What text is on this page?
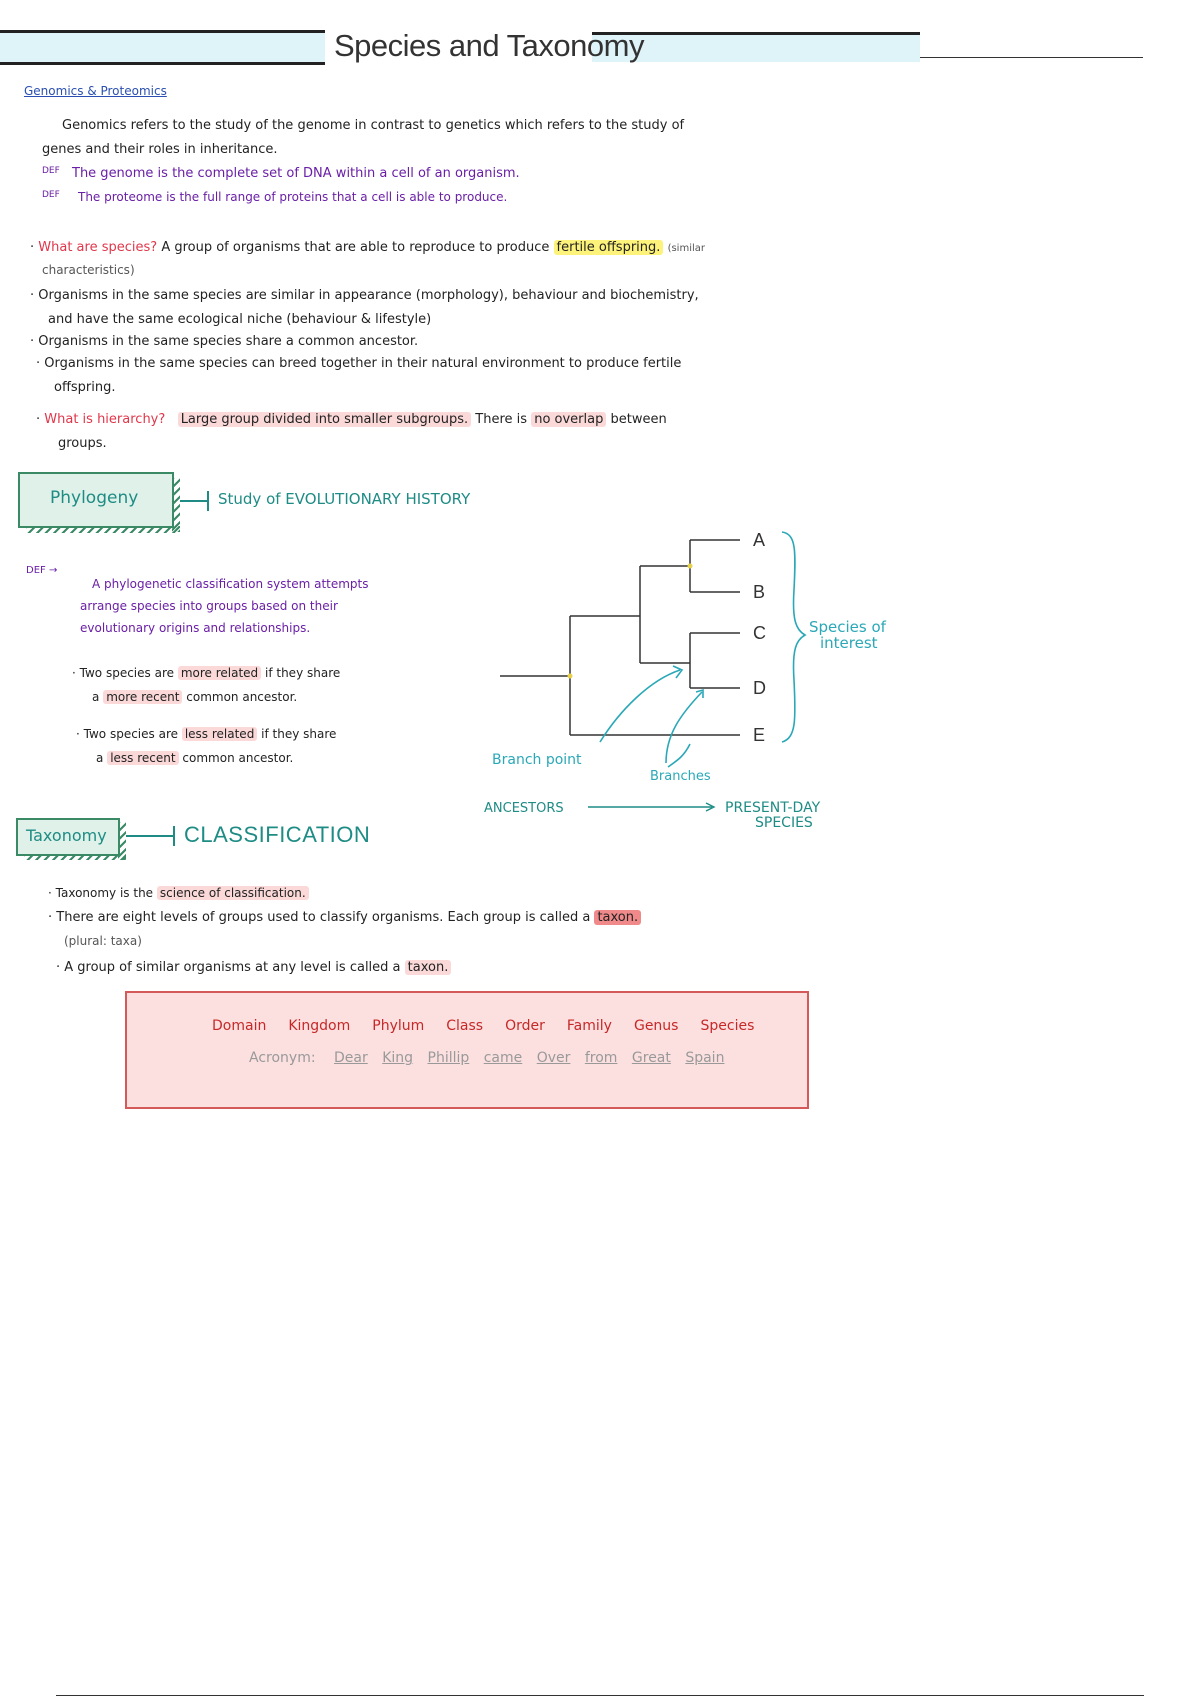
Species and Taxonomy
Genomics & Proteomics
Genomics refers to the study of the genome in contrast to genetics which refers to the study of
genes and their roles in inheritance.
DEF The genome is the complete set of DNA within a cell of an organism.
DEF The proteome is the full range of proteins that a cell is able to produce.
· What are species? A group of organisms that are able to reproduce to produce fertile offspring. (similar
characteristics)
· Organisms in the same species are similar in appearance (morphology), behaviour and biochemistry,
and have the same ecological niche (behaviour & lifestyle)
· Organisms in the same species share a common ancestor.
· Organisms in the same species can breed together in their natural environment to produce fertile
offspring.
· What is hierarchy? Large group divided into smaller subgroups. There is no overlap between
groups.
Phylogeny	Study of EVOLUTIONARY HISTORY
DEF →
A phylogenetic classification system attempts
arrange species into groups based on their
evolutionary origins and relationships.
· Two species are more related if they share
a more recent common ancestor.
· Two species are less related if they share
a less recent common ancestor.
A
B
C
D
E
Species of
interest
Branch point
Branches
ANCESTORS	PRESENT-DAY
SPECIES
Taxonomy	CLASSIFICATION
· Taxonomy is the science of classification.
· There are eight levels of groups used to classify organisms. Each group is called a taxon.
(plural: taxa)
· A group of similar organisms at any level is called a taxon.
Domain Kingdom Phylum Class Order Family Genus Species
Acronym: Dear King Phillip came Over from Great Spain
